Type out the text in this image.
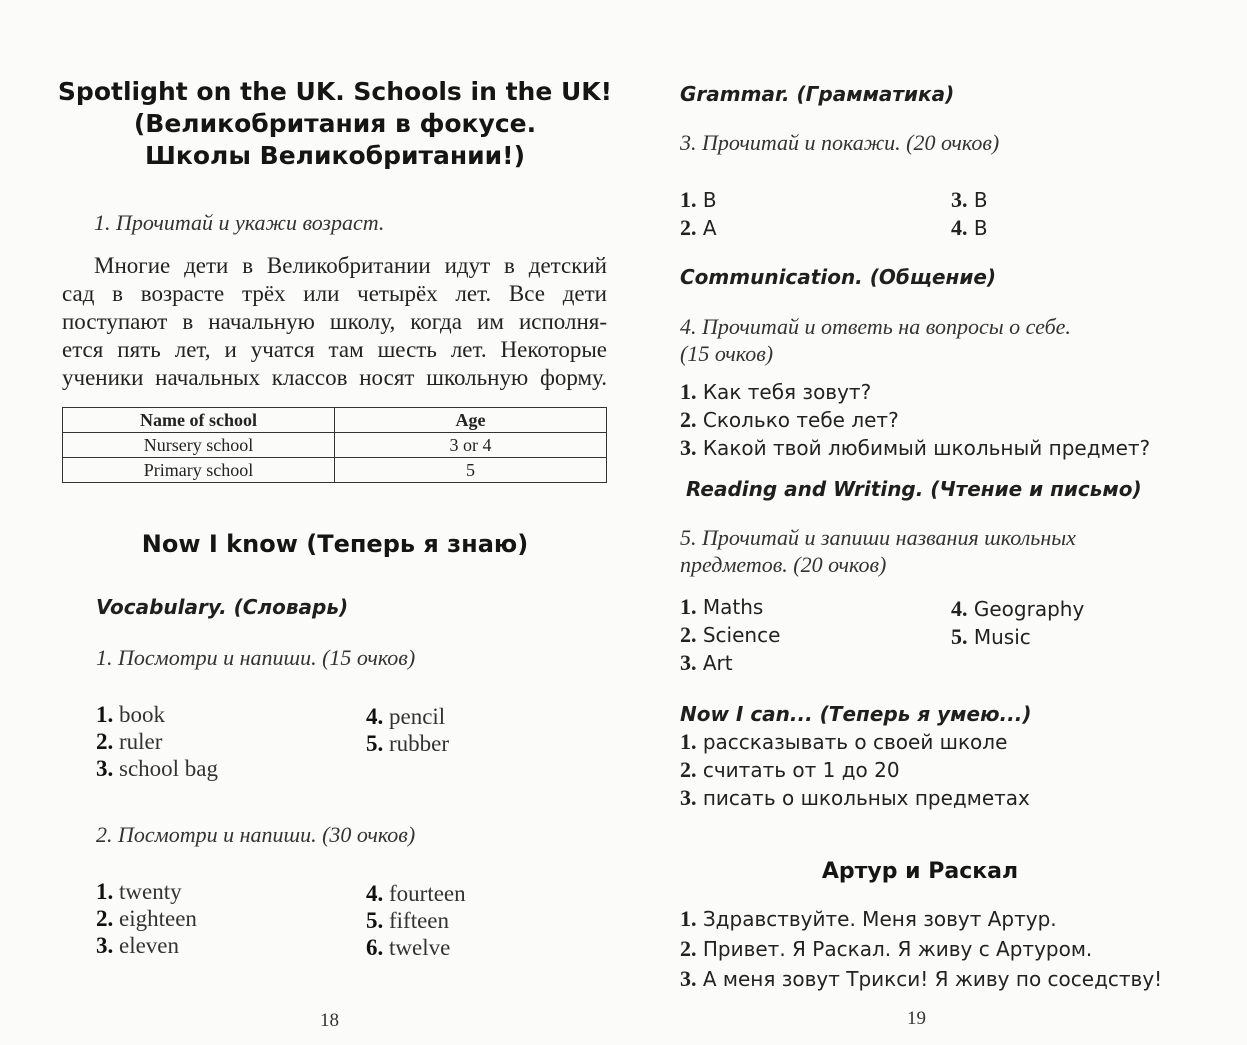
Spotlight on the UK. Schools in the UK!
(Великобритания в фокусе.
Школы Великобритании!)
1. Прочитай и укажи возраст.
Многие дети в Великобритании идут в детский
сад в возрасте трёх или четырёх лет. Все дети
поступают в начальную школу, когда им исполня-
ется пять лет, и учатся там шесть лет. Некоторые
ученики начальных классов носят школьную форму.
Name of school	Age
Nursery school	3 or 4
Primary school	5
Now I know (Теперь я знаю)
Vocabulary. (Словарь)
1. Посмотри и напиши. (15 очков)
1. book
2. ruler
3. school bag
4. pencil
5. rubber
2. Посмотри и напиши. (30 очков)
1. twenty
2. eighteen
3. eleven
4. fourteen
5. fifteen
6. twelve
18
Grammar. (Грамматика)
3. Прочитай и покажи. (20 очков)
1. B
2. A
3. B
4. B
Communication. (Общение)
4. Прочитай и ответь на вопросы о себе.
(15 очков)
1. Как тебя зовут?
2. Сколько тебе лет?
3. Какой твой любимый школьный предмет?
Reading and Writing. (Чтение и письмо)
5. Прочитай и запиши названия школьных
предметов. (20 очков)
1. Maths
2. Science
3. Art
4. Geography
5. Music
Now I can... (Теперь я умею...)
1. рассказывать о своей школе
2. считать от 1 до 20
3. писать о школьных предметах
Артур и Раскал
1. Здравствуйте. Меня зовут Артур.
2. Привет. Я Раскал. Я живу с Артуром.
3. А меня зовут Трикси! Я живу по соседству!
19
